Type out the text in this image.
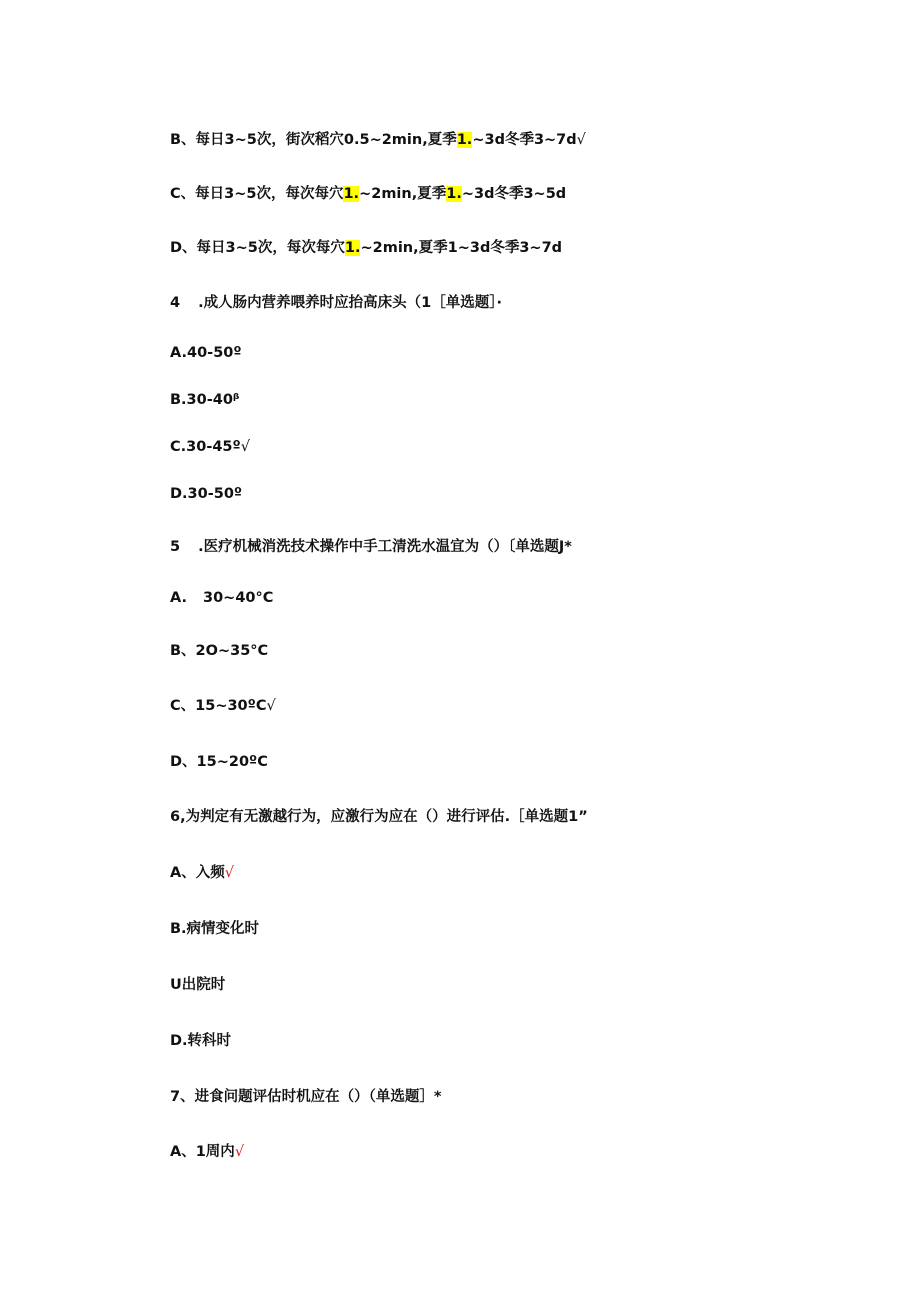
B、每日3~5次，街次稻穴0.5~2min,夏季1.~3d冬季3~7d√
C、每日3~5次，每次每穴1.~2min,夏季1.~3d冬季3~5d
D、每日3~5次，每次每穴1.~2min,夏季1~3d冬季3~7d
4 .成人肠内营养喂养时应抬高床头（1［单选题］·
A.40-50º
B.30-40ᵝ
C.30-45º√
D.30-50º
5 .医疗机械消洗技术操作中手工清洗水温宜为（）〔单选题J*
A. 30~40°C
B、2O~35°C
C、15~30ºC√
D、15~20ºC
6,为判定有无激越行为，应激行为应在（）进行评估.［单选题1”
A、入频√
B.病情变化时
U出院时
D.转科时
7、进食问题评估时机应在（）（单选题］*
A、1周内√
